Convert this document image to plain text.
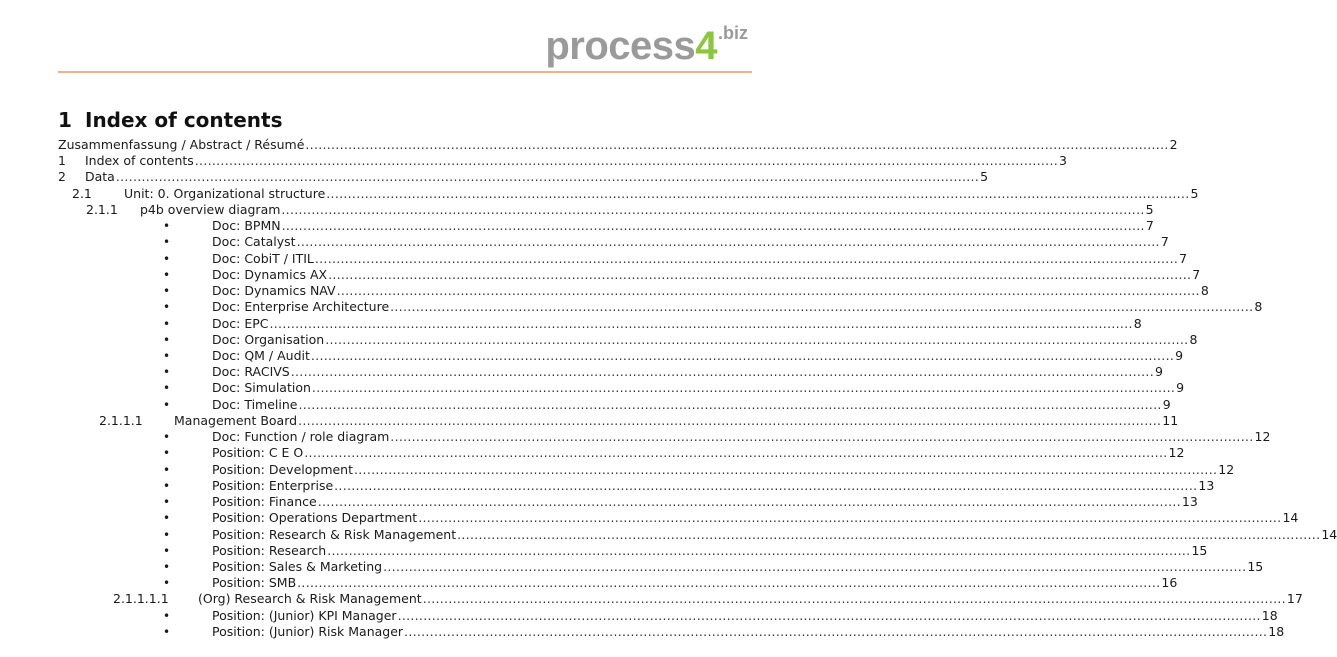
process4 .biz
1 Index of contents
Zusammenfassung / Abstract / Résumé .......................................................................................................................................................................................................... 2
1	Index of contents .......................................................................................................................................................................................................... 3
2	Data .......................................................................................................................................................................................................... 5
2.1	Unit: 0. Organizational structure .......................................................................................................................................................................................................... 5
2.1.1	p4b overview diagram .......................................................................................................................................................................................................... 5
•	Doc: BPMN .......................................................................................................................................................................................................... 7
•	Doc: Catalyst .......................................................................................................................................................................................................... 7
•	Doc: CobiT / ITIL .......................................................................................................................................................................................................... 7
•	Doc: Dynamics AX .......................................................................................................................................................................................................... 7
•	Doc: Dynamics NAV .......................................................................................................................................................................................................... 8
•	Doc: Enterprise Architecture .......................................................................................................................................................................................................... 8
•	Doc: EPC .......................................................................................................................................................................................................... 8
•	Doc: Organisation .......................................................................................................................................................................................................... 8
•	Doc: QM / Audit .......................................................................................................................................................................................................... 9
•	Doc: RACIVS .......................................................................................................................................................................................................... 9
•	Doc: Simulation .......................................................................................................................................................................................................... 9
•	Doc: Timeline .......................................................................................................................................................................................................... 9
2.1.1.1	Management Board .......................................................................................................................................................................................................... 11
•	Doc: Function / role diagram .......................................................................................................................................................................................................... 12
•	Position: C E O .......................................................................................................................................................................................................... 12
•	Position: Development .......................................................................................................................................................................................................... 12
•	Position: Enterprise .......................................................................................................................................................................................................... 13
•	Position: Finance .......................................................................................................................................................................................................... 13
•	Position: Operations Department .......................................................................................................................................................................................................... 14
•	Position: Research & Risk Management .......................................................................................................................................................................................................... 14
•	Position: Research .......................................................................................................................................................................................................... 15
•	Position: Sales & Marketing .......................................................................................................................................................................................................... 15
•	Position: SMB .......................................................................................................................................................................................................... 16
2.1.1.1.1	(Org) Research & Risk Management .......................................................................................................................................................................................................... 17
•	Position: (Junior) KPI Manager .......................................................................................................................................................................................................... 18
•	Position: (Junior) Risk Manager .......................................................................................................................................................................................................... 18
